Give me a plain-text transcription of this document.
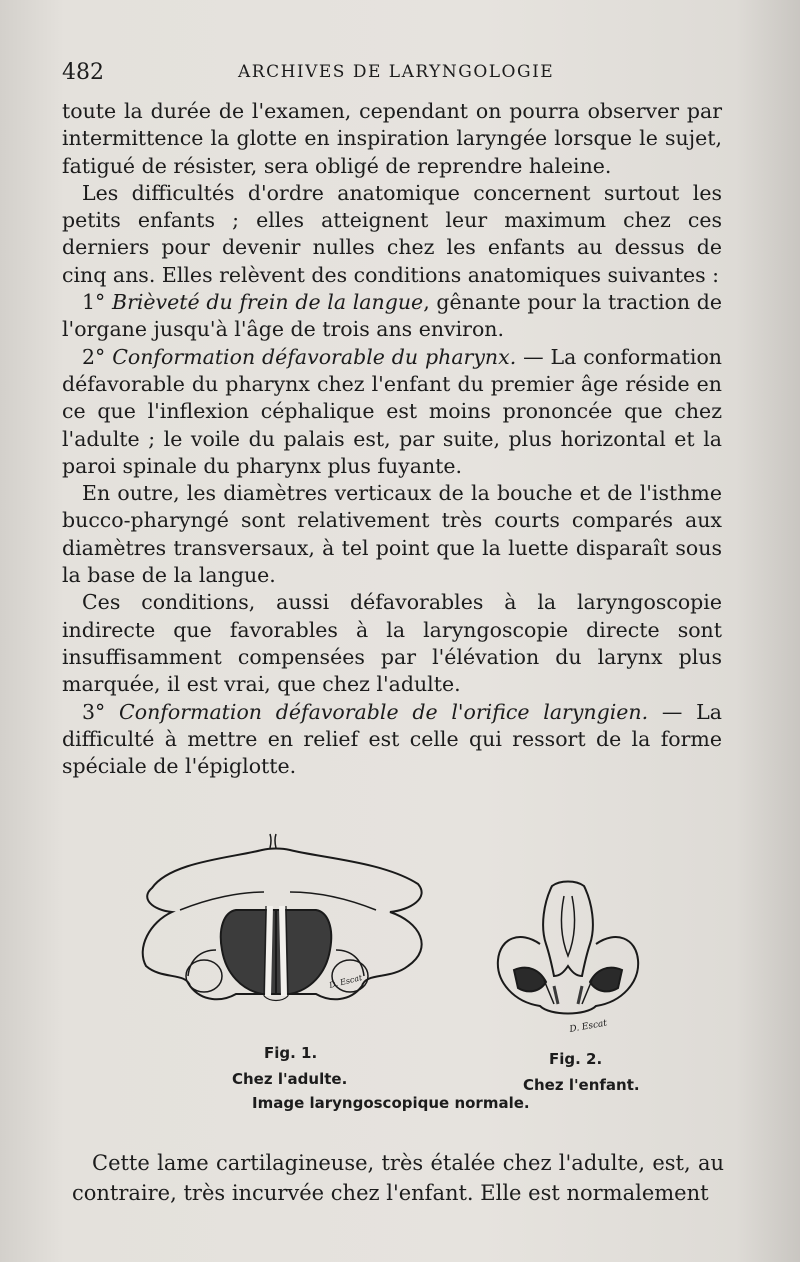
482	ARCHIVES DE LARYNGOLOGIE

toute la durée de l'examen, cependant on pourra observer par intermittence la glotte en inspiration laryngée lorsque le sujet, fatigué de résister, sera obligé de reprendre haleine.

Les difficultés d'ordre anatomique concernent surtout les petits enfants ; elles atteignent leur maximum chez ces derniers pour devenir nulles chez les enfants au dessus de cinq ans. Elles relèvent des conditions anatomiques suivantes :

1° Brièveté du frein de la langue, gênante pour la traction de l'organe jusqu'à l'âge de trois ans environ.

2° Conformation défavorable du pharynx. — La conformation défavorable du pharynx chez l'enfant du premier âge réside en ce que l'inflexion céphalique est moins prononcée que chez l'adulte ; le voile du palais est, par suite, plus horizontal et la paroi spinale du pharynx plus fuyante.

En outre, les diamètres verticaux de la bouche et de l'isthme bucco-pharyngé sont relativement très courts comparés aux diamètres transversaux, à tel point que la luette disparaît sous la base de la langue.

Ces conditions, aussi défavorables à la laryngoscopie indirecte que favorables à la laryngoscopie directe sont insuffisamment compensées par l'élévation du larynx plus marquée, il est vrai, que chez l'adulte.

3° Conformation défavorable de l'orifice laryngien. — La difficulté à mettre en relief est celle qui ressort de la forme spéciale de l'épiglotte.

D. Escat
D. Escat
Fig. 1.
Chez l'adulte.
Fig. 2.
Chez l'enfant.
Image laryngoscopique normale.

Cette lame cartilagineuse, très étalée chez l'adulte, est, au contraire, très incurvée chez l'enfant. Elle est normalement
